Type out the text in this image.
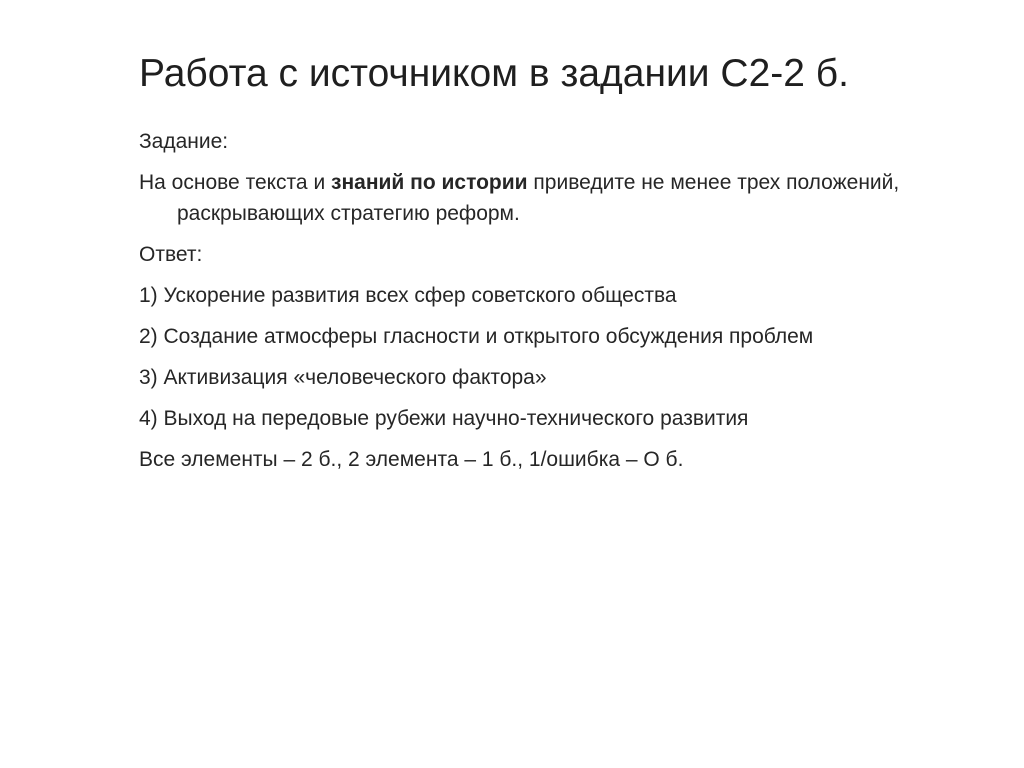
Работа с источником в задании С2-2 б.

Задание:

На основе текста и знаний по истории приведите не менее трех положений, раскрывающих стратегию реформ.

Ответ:

1) Ускорение развития всех сфер советского общества

2) Создание атмосферы гласности и открытого обсуждения проблем

3) Активизация «человеческого фактора»

4) Выход на передовые рубежи научно-технического развития

Все элементы – 2 б., 2 элемента – 1 б., 1/ошибка – О б.
